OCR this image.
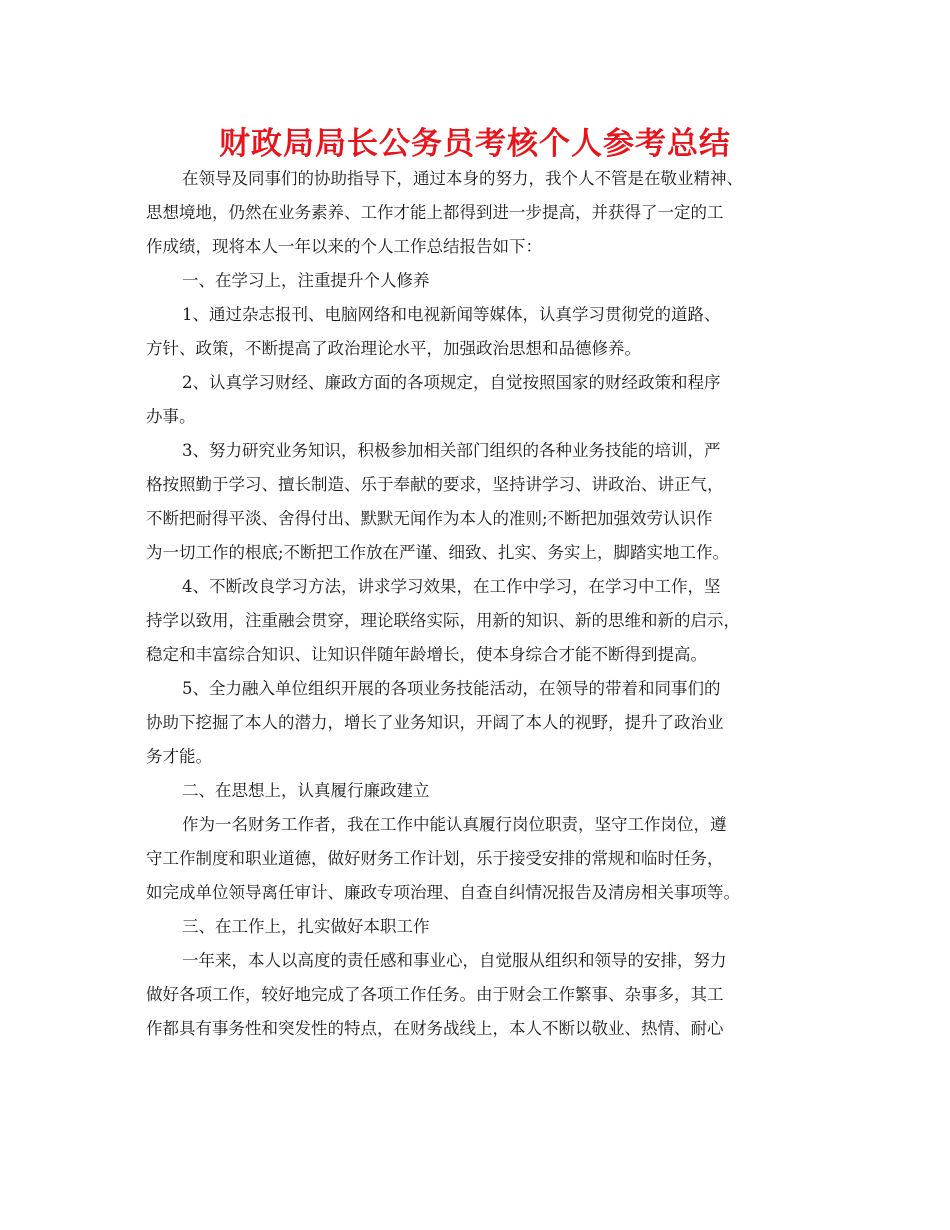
财政局局长公务员考核个人参考总结
在领导及同事们的协助指导下，通过本身的努力，我个人不管是在敬业精神、
思想境地，仍然在业务素养、工作才能上都得到进一步提高，并获得了一定的工
作成绩，现将本人一年以来的个人工作总结报告如下：
一、在学习上，注重提升个人修养
1、通过杂志报刊、电脑网络和电视新闻等媒体，认真学习贯彻党的道路、
方针、政策，不断提高了政治理论水平，加强政治思想和品德修养。
2、认真学习财经、廉政方面的各项规定，自觉按照国家的财经政策和程序
办事。
3、努力研究业务知识，积极参加相关部门组织的各种业务技能的培训，严
格按照勤于学习、擅长制造、乐于奉献的要求，坚持讲学习、讲政治、讲正气，
不断把耐得平淡、舍得付出、默默无闻作为本人的准则;不断把加强效劳认识作
为一切工作的根底;不断把工作放在严谨、细致、扎实、务实上，脚踏实地工作。
4、不断改良学习方法，讲求学习效果，在工作中学习，在学习中工作，坚
持学以致用，注重融会贯穿，理论联络实际，用新的知识、新的思维和新的启示，
稳定和丰富综合知识、让知识伴随年龄增长，使本身综合才能不断得到提高。
5、全力融入单位组织开展的各项业务技能活动，在领导的带着和同事们的
协助下挖掘了本人的潜力，增长了业务知识，开阔了本人的视野，提升了政治业
务才能。
二、在思想上，认真履行廉政建立
作为一名财务工作者，我在工作中能认真履行岗位职责，坚守工作岗位，遵
守工作制度和职业道德，做好财务工作计划，乐于接受安排的常规和临时任务，
如完成单位领导离任审计、廉政专项治理、自查自纠情况报告及清房相关事项等。
三、在工作上，扎实做好本职工作
一年来，本人以高度的责任感和事业心，自觉服从组织和领导的安排，努力
做好各项工作，较好地完成了各项工作任务。由于财会工作繁事、杂事多，其工
作都具有事务性和突发性的特点，在财务战线上，本人不断以敬业、热情、耐心
